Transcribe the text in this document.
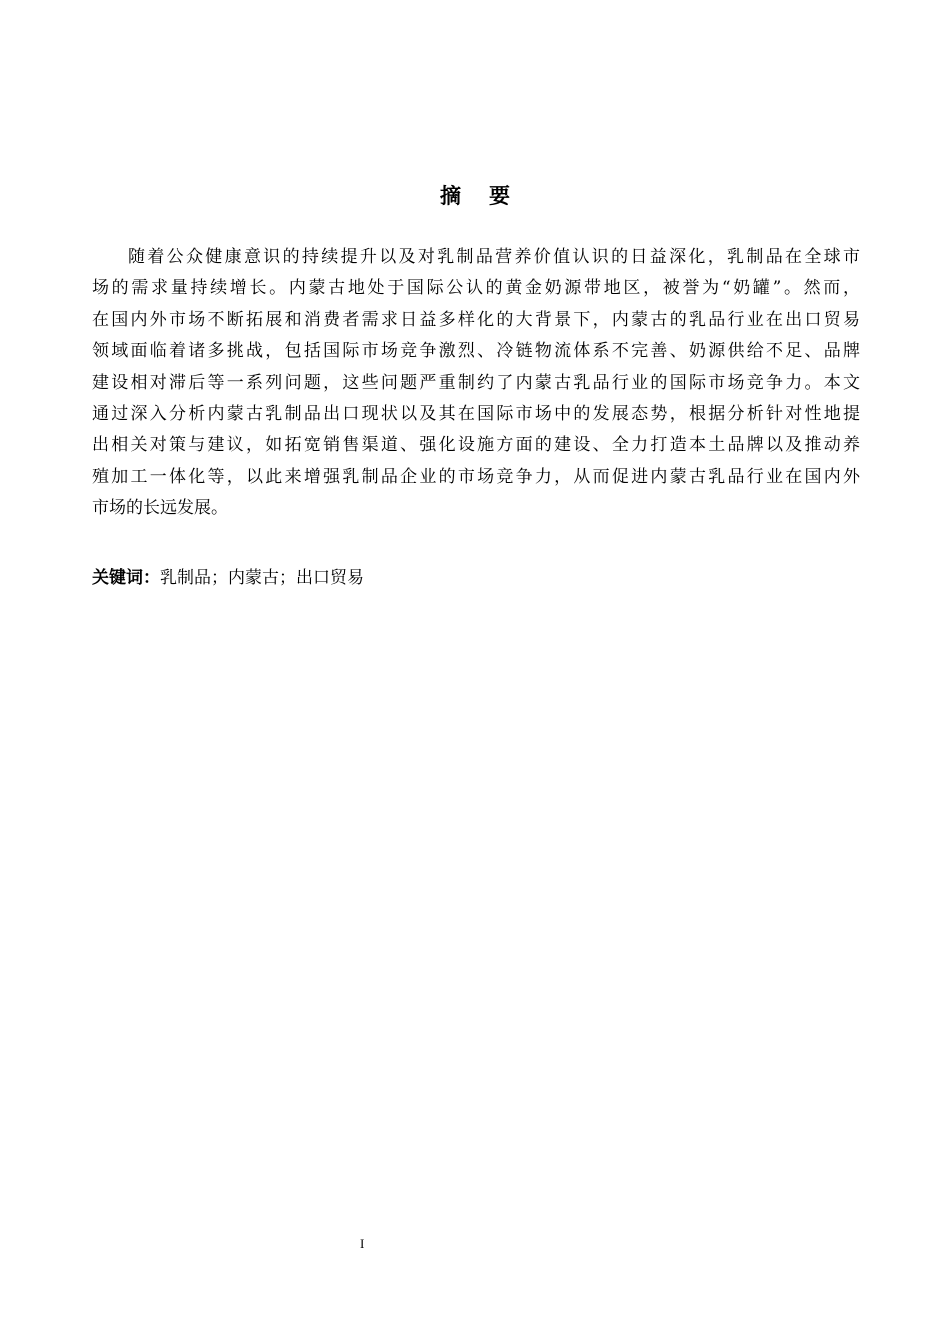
摘 要
随着公众健康意识的持续提升以及对乳制品营养价值认识的日益深化，乳制品在全球市
场的需求量持续增长。内蒙古地处于国际公认的黄金奶源带地区，被誉为“奶罐”。然而，
在国内外市场不断拓展和消费者需求日益多样化的大背景下，内蒙古的乳品行业在出口贸易
领域面临着诸多挑战，包括国际市场竞争激烈、冷链物流体系不完善、奶源供给不足、品牌
建设相对滞后等一系列问题，这些问题严重制约了内蒙古乳品行业的国际市场竞争力。本文
通过深入分析内蒙古乳制品出口现状以及其在国际市场中的发展态势，根据分析针对性地提
出相关对策与建议，如拓宽销售渠道、强化设施方面的建设、全力打造本土品牌以及推动养
殖加工一体化等，以此来增强乳制品企业的市场竞争力，从而促进内蒙古乳品行业在国内外
市场的长远发展。
关键词：乳制品；内蒙古；出口贸易
I
